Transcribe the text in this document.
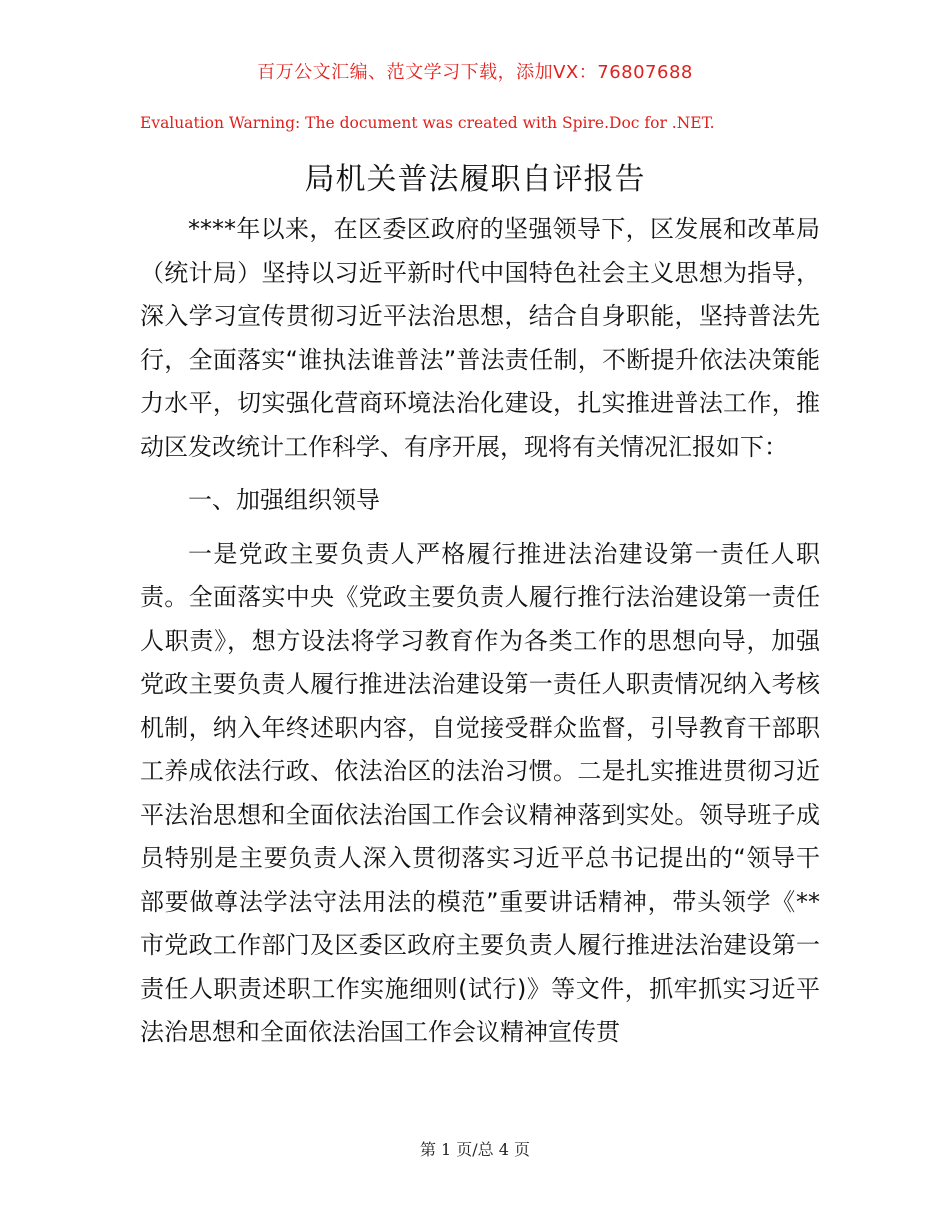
百万公文汇编、范文学习下载，添加VX：76807688
Evaluation Warning: The document was created with Spire.Doc for .NET.
局机关普法履职自评报告

****年以来，在区委区政府的坚强领导下，区发展和改革局（统计局）坚持以习近平新时代中国特色社会主义思想为指导，深入学习宣传贯彻习近平法治思想，结合自身职能，坚持普法先行，全面落实“谁执法谁普法”普法责任制，不断提升依法决策能力水平，切实强化营商环境法治化建设，扎实推进普法工作，推动区发改统计工作科学、有序开展，现将有关情况汇报如下：

一、加强组织领导

一是党政主要负责人严格履行推进法治建设第一责任人职责。全面落实中央《党政主要负责人履行推行法治建设第一责任人职责》，想方设法将学习教育作为各类工作的思想向导，加强党政主要负责人履行推进法治建设第一责任人职责情况纳入考核机制，纳入年终述职内容，自觉接受群众监督，引导教育干部职工养成依法行政、依法治区的法治习惯。二是扎实推进贯彻习近平法治思想和全面依法治国工作会议精神落到实处。领导班子成员特别是主要负责人深入贯彻落实习近平总书记提出的“领导干部要做尊法学法守法用法的模范”重要讲话精神，带头领学《**市党政工作部门及区委区政府主要负责人履行推进法治建设第一责任人职责述职工作实施细则(试行)》等文件，抓牢抓实习近平法治思想和全面依法治国工作会议精神宣传贯

第 1 页/总 4 页
